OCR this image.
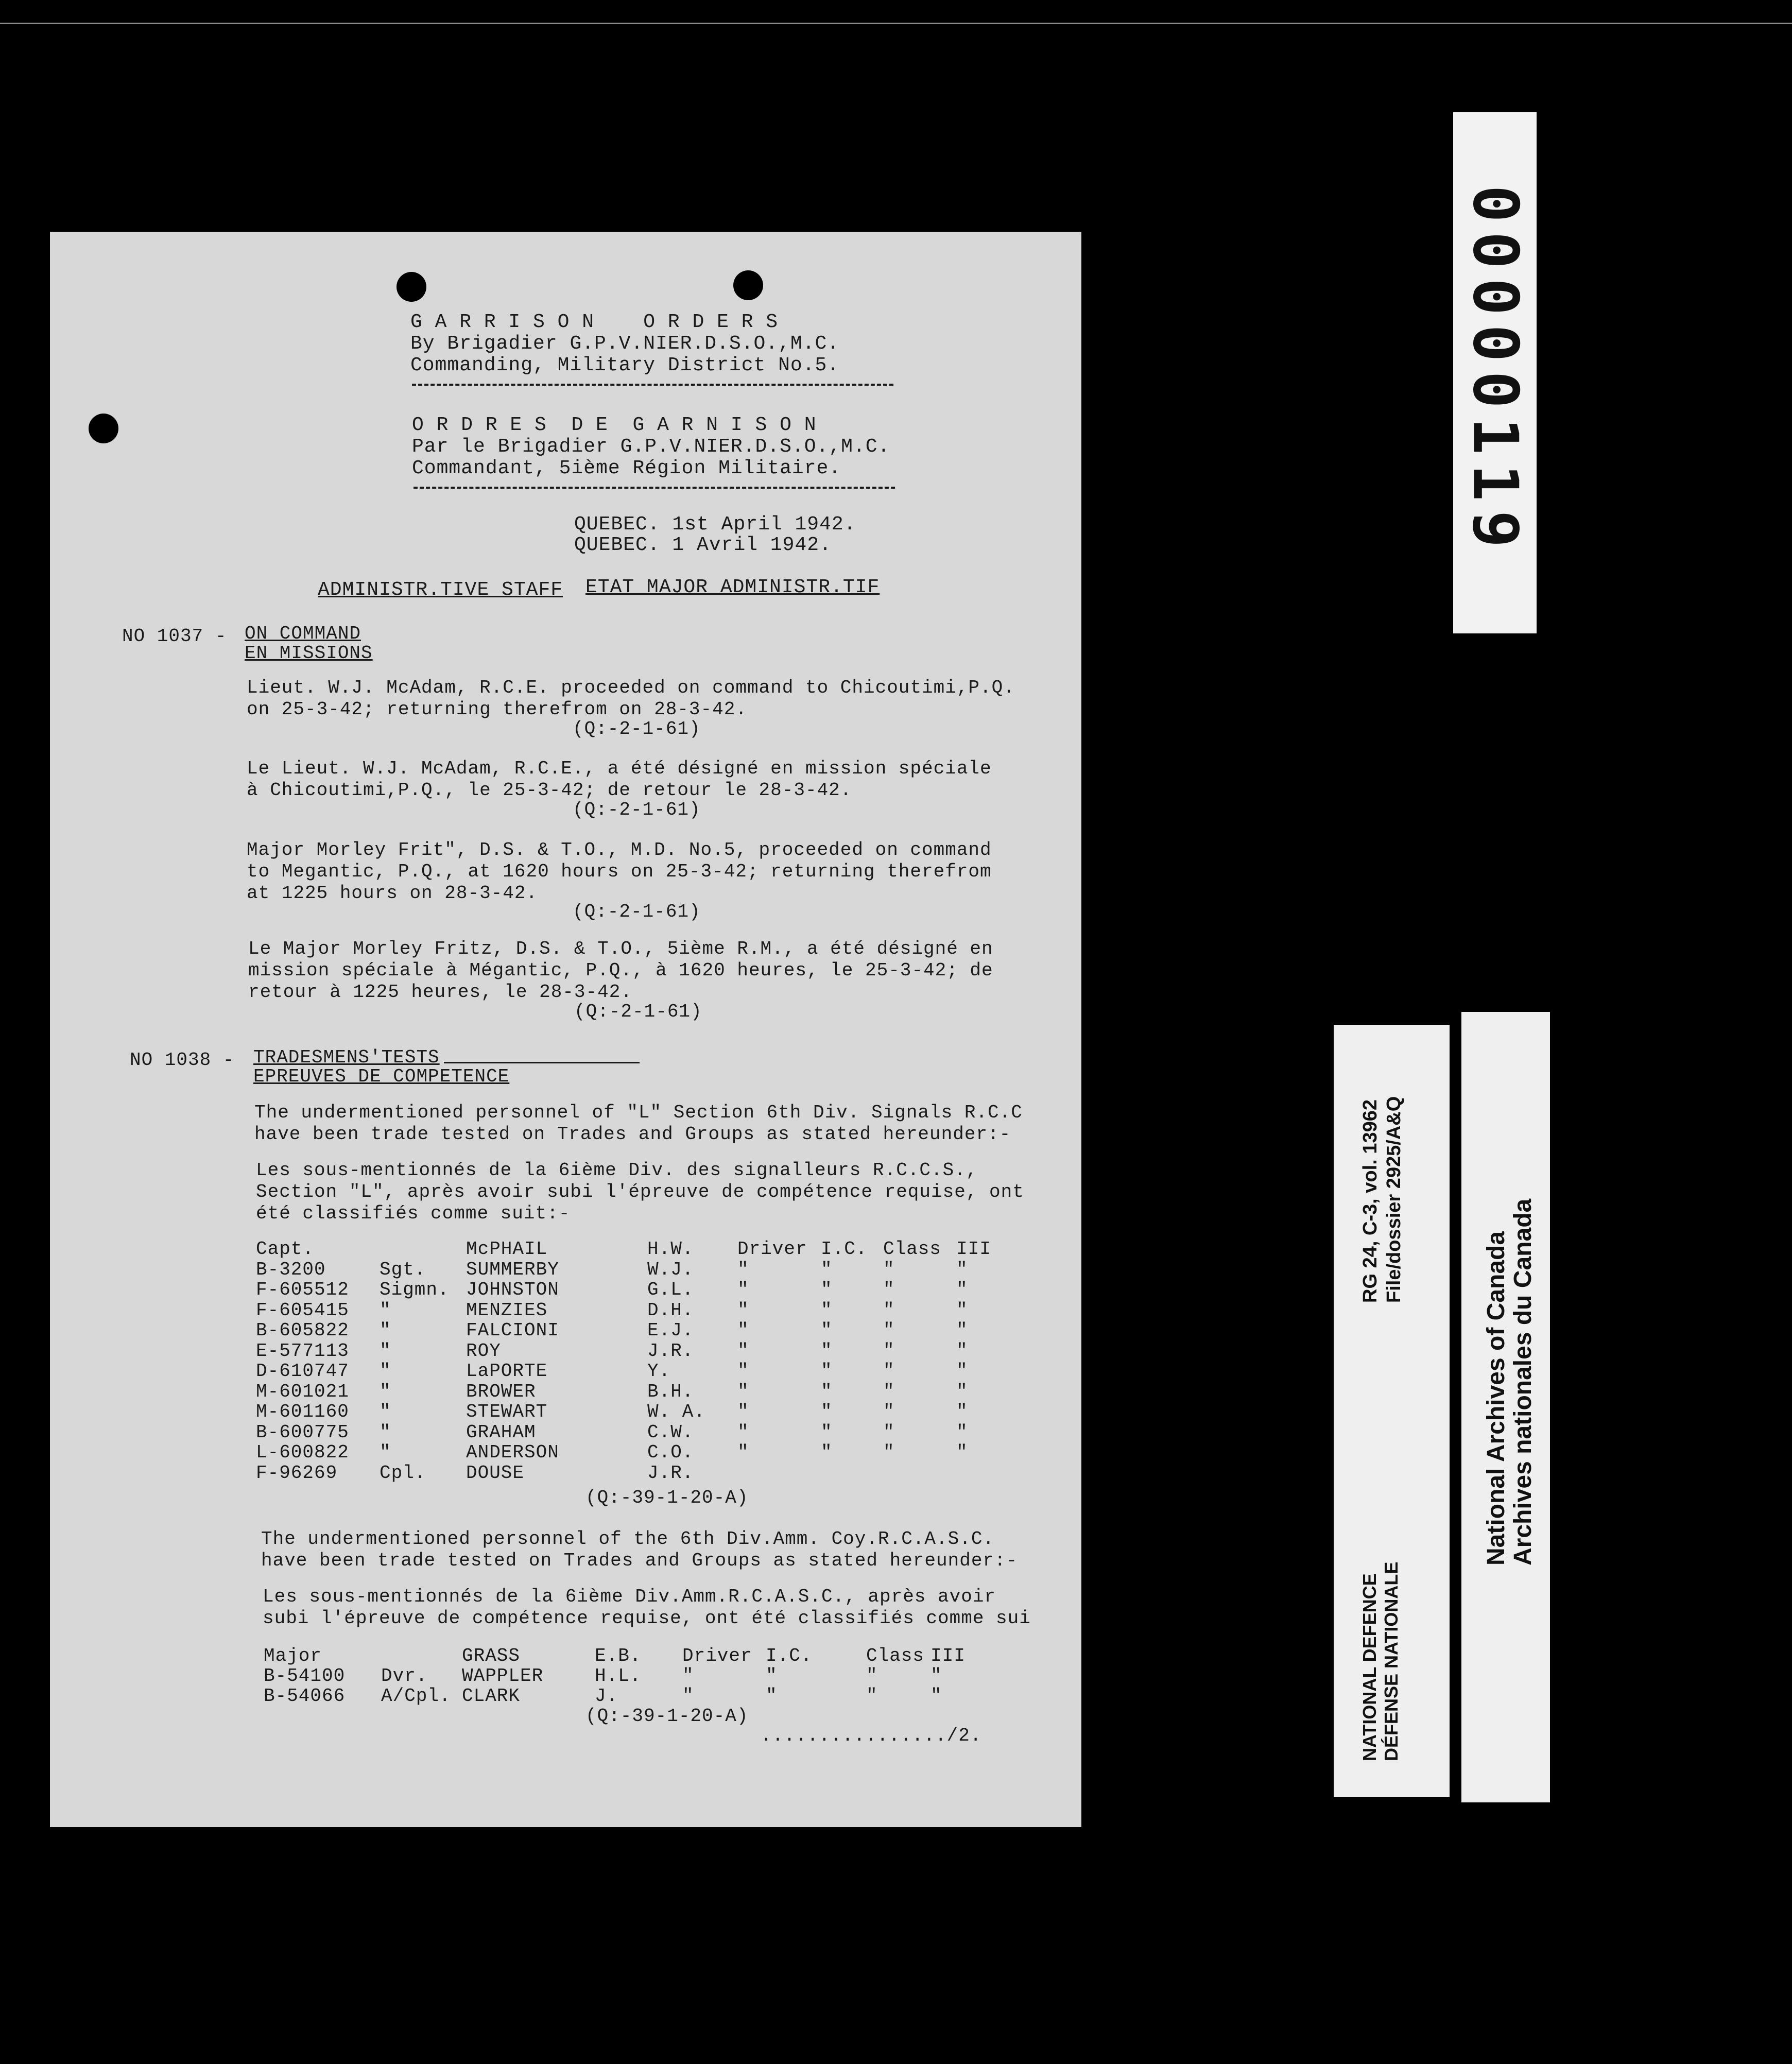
G A R R I S O N    O R D E R S
By Brigadier G.P.V.NIER.D.S.O.,M.C.
Commanding, Military District No.5.
O R D R E S  D E  G A R N I S O N
Par le Brigadier G.P.V.NIER.D.S.O.,M.C.
Commandant, 5ième Région Militaire.
QUEBEC. 1st April 1942.
QUEBEC. 1 Avril 1942.
ADMINISTR.TIVE STAFF ETAT MAJOR ADMINISTR.TIF
NO 1037 - ON COMMAND
EN MISSIONS
Lieut. W.J. McAdam, R.C.E. proceeded on command to Chicoutimi,P.Q.
on 25-3-42; returning therefrom on 28-3-42.
(Q:-2-1-61)
Le Lieut. W.J. McAdam, R.C.E., a été désigné en mission spéciale
à Chicoutimi,P.Q., le 25-3-42; de retour le 28-3-42.
(Q:-2-1-61)
Major Morley Frit", D.S. & T.O., M.D. No.5, proceeded on command
to Megantic, P.Q., at 1620 hours on 25-3-42; returning therefrom
at 1225 hours on 28-3-42.
(Q:-2-1-61)
Le Major Morley Fritz, D.S. & T.O., 5ième R.M., a été désigné en
mission spéciale à Mégantic, P.Q., à 1620 heures, le 25-3-42; de
retour à 1225 heures, le 28-3-42.
(Q:-2-1-61)
NO 1038 - TRADESMENS'TESTS
EPREUVES DE COMPETENCE
The undermentioned personnel of "L" Section 6th Div. Signals R.C.C
have been trade tested on Trades and Groups as stated hereunder:-
Les sous-mentionnés de la 6ième Div. des signalleurs R.C.C.S.,
Section "L", après avoir subi l'épreuve de compétence requise, ont
été classifiés comme suit:-
Capt.	McPHAIL	H.W. Driver I.C. Class III
B-3200	Sgt. SUMMERBY	W.J. "	"	"	"
F-605512 Sigmn. JOHNSTON	G.L. "	"	"	"
F-605415 "	MENZIES	D.H. "	"	"	"
B-605822 "	FALCIONI	E.J. "	"	"	"
E-577113 "	ROY	J.R. "	"	"	"
D-610747 "	LaPORTE	Y.	"	"	"	"
M-601021 "	BROWER	B.H. "	"	"	"
M-601160 "	STEWART	W. A. "	"	"	"
B-600775 "	GRAHAM	C.W. "	"	"	"
L-600822 "	ANDERSON	C.O. "	"	"	"
F-96269 Cpl. DOUSE	J.R.
(Q:-39-1-20-A)
The undermentioned personnel of the 6th Div.Amm. Coy.R.C.A.S.C.
have been trade tested on Trades and Groups as stated hereunder:-
Les sous-mentionnés de la 6ième Div.Amm.R.C.A.S.C., après avoir
subi l'épreuve de compétence requise, ont été classifiés comme sui
Major	GRASS	E.B. Driver I.C.	Class III
B-54100 Dvr. WAPPLER	H.L. "	"	"	"
B-54066 A/Cpl. CLARK	J.	"	"	"	"
(Q:-39-1-20-A)
................/2.
00000119
RG 24, C-3, vol. 13962 File/dossier 2925/A&Q
NATIONAL DEFENCE DÉFENSE NATIONALE
National Archives of Canada Archives nationales du Canada
